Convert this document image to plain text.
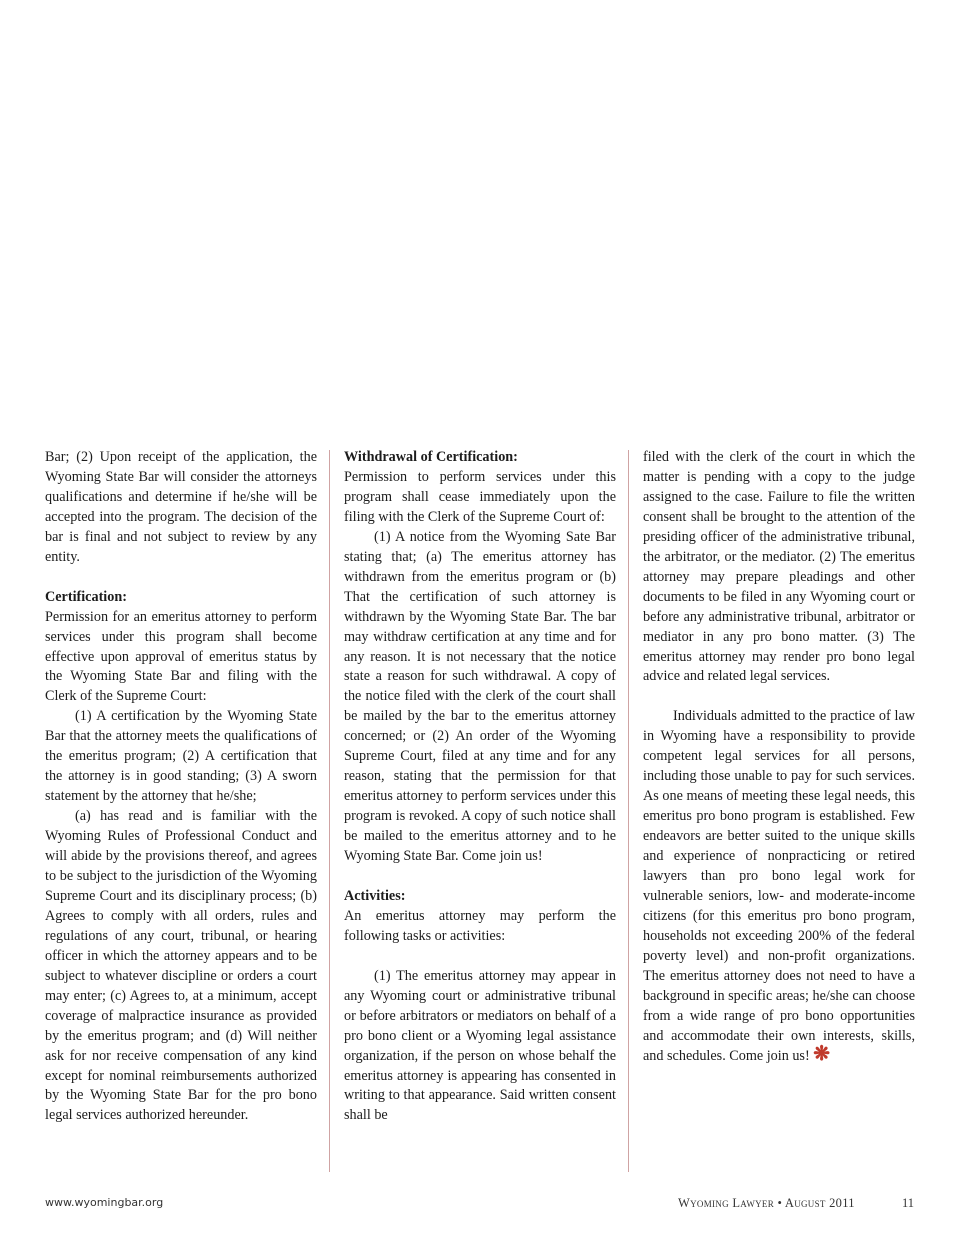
Bar; (2) Upon receipt of the application, the Wyoming State Bar will consider the attorneys qualifications and determine if he/she will be accepted into the program. The decision of the bar is final and not subject to review by any entity.

Certification:

Permission for an emeritus attorney to perform services under this program shall become effective upon approval of emeritus status by the Wyoming State Bar and filing with the Clerk of the Supreme Court:

(1) A certification by the Wyoming State Bar that the attorney meets the qualifications of the emeritus program; (2) A certification that the attorney is in good standing; (3) A sworn statement by the attorney that he/she;

(a) has read and is familiar with the Wyoming Rules of Professional Conduct and will abide by the provisions thereof, and agrees to be subject to the jurisdiction of the Wyoming Supreme Court and its disciplinary process; (b) Agrees to comply with all orders, rules and regulations of any court, tribunal, or hearing officer in which the attorney appears and to be subject to whatever discipline or orders a court may enter; (c) Agrees to, at a minimum, accept coverage of malpractice insurance as provided by the emeritus program; and (d) Will neither ask for nor receive compensation of any kind except for nominal reimbursements authorized by the Wyoming State Bar for the pro bono legal services authorized hereunder.

Withdrawal of Certification:

Permission to perform services under this program shall cease immediately upon the filing with the Clerk of the Supreme Court of:

(1) A notice from the Wyoming Sate Bar stating that; (a) The emeritus attorney has withdrawn from the emeritus program or (b) That the certification of such attorney is withdrawn by the Wyoming State Bar. The bar may withdraw certification at any time and for any reason. It is not necessary that the notice state a reason for such withdrawal. A copy of the notice filed with the clerk of the court shall be mailed by the bar to the emeritus attorney concerned; or (2) An order of the Wyoming Supreme Court, filed at any time and for any reason, stating that the permission for that emeritus attorney to perform services under this program is revoked. A copy of such notice shall be mailed to the emeritus attorney and to he Wyoming State Bar. Come join us!

Activities:

An emeritus attorney may perform the following tasks or activities:

(1) The emeritus attorney may appear in any Wyoming court or administrative tribunal or before arbitrators or mediators on behalf of a pro bono client or a Wyoming legal assistance organization, if the person on whose behalf the emeritus attorney is appearing has consented in writing to that appearance. Said written consent shall be

filed with the clerk of the court in which the matter is pending with a copy to the judge assigned to the case. Failure to file the written consent shall be brought to the attention of the presiding officer of the administrative tribunal, the arbitrator, or the mediator. (2) The emeritus attorney may prepare pleadings and other documents to be filed in any Wyoming court or before any administrative tribunal, arbitrator or mediator in any pro bono matter. (3) The emeritus attorney may render pro bono legal advice and related legal services.

Individuals admitted to the practice of law in Wyoming have a responsibility to provide competent legal services for all persons, including those unable to pay for such services. As one means of meeting these legal needs, this emeritus pro bono program is established. Few endeavors are better suited to the unique skills and experience of nonpracticing or retired lawyers than pro bono legal work for vulnerable seniors, low- and moderate-income citizens (for this emeritus pro bono program, households not exceeding 200% of the federal poverty level) and non-profit organizations. The emeritus attorney does not need to have a background in specific areas; he/she can choose from a wide range of pro bono opportunities and accommodate their own interests, skills, and schedules. Come join us! ❋

www.wyomingbar.org	Wyoming Lawyer • August 2011	11
